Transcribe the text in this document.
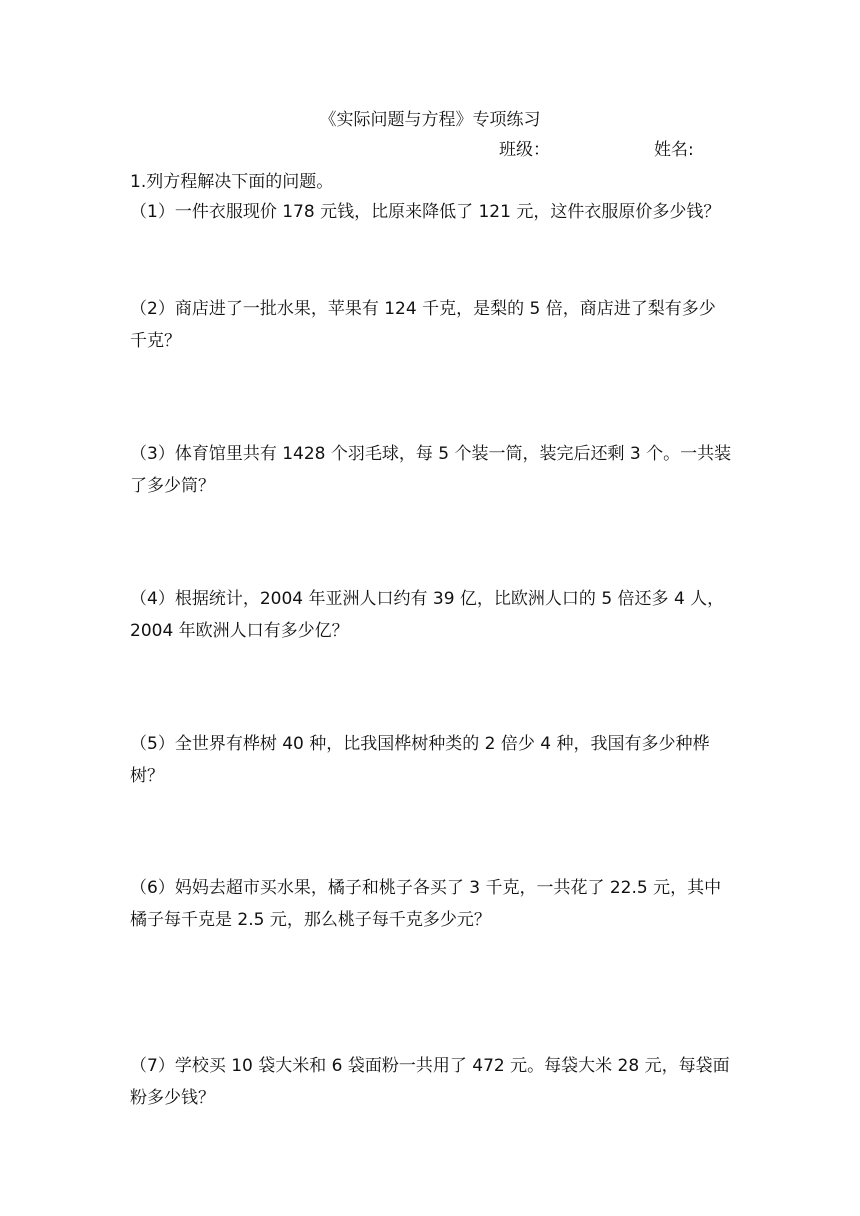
《实际问题与方程》专项练习
班级：	姓名:
1.列方程解决下面的问题。
（1）一件衣服现价 178 元钱，比原来降低了 121 元，这件衣服原价多少钱？
（2）商店进了一批水果，苹果有 124 千克，是梨的 5 倍，商店进了梨有多少
千克？
（3）体育馆里共有 1428 个羽毛球，每 5 个装一筒，装完后还剩 3 个。一共装
了多少筒？
（4）根据统计，2004 年亚洲人口约有 39 亿，比欧洲人口的 5 倍还多 4 人，
2004 年欧洲人口有多少亿？
（5）全世界有桦树 40 种，比我国桦树种类的 2 倍少 4 种，我国有多少种桦
树？
（6）妈妈去超市买水果，橘子和桃子各买了 3 千克，一共花了 22.5 元，其中
橘子每千克是 2.5 元，那么桃子每千克多少元？
（7）学校买 10 袋大米和 6 袋面粉一共用了 472 元。每袋大米 28 元，每袋面
粉多少钱？
